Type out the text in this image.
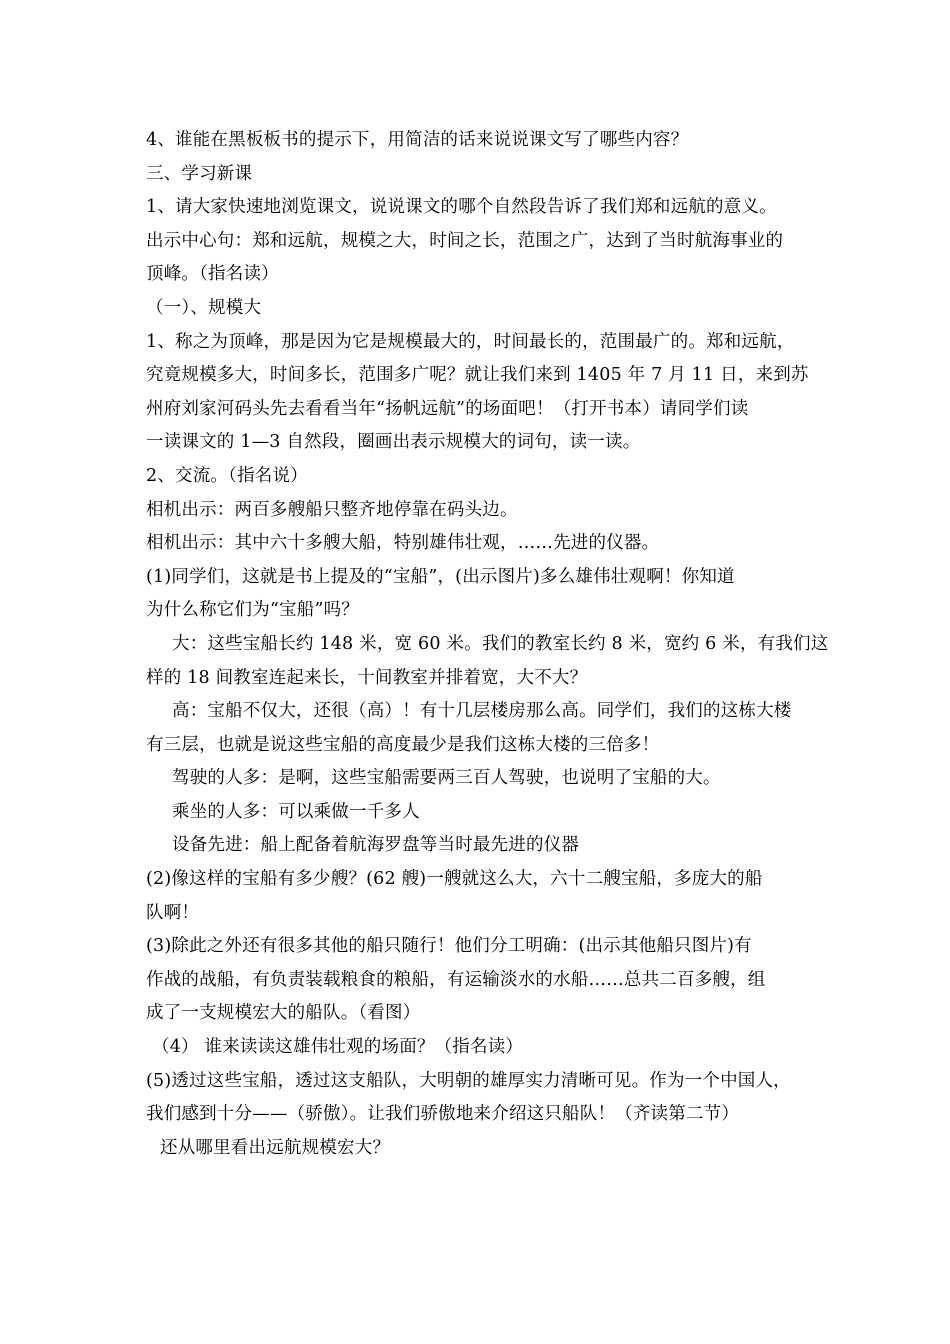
4、谁能在黑板板书的提示下，用简洁的话来说说课文写了哪些内容？
三、学习新课
1、请大家快速地浏览课文，说说课文的哪个自然段告诉了我们郑和远航的意义。
出示中心句：郑和远航，规模之大，时间之长，范围之广，达到了当时航海事业的
顶峰。（指名读）
（一）、规模大
1、称之为顶峰，那是因为它是规模最大的，时间最长的，范围最广的。郑和远航，
究竟规模多大，时间多长，范围多广呢？就让我们来到 1405 年 7 月 11 日，来到苏
州府刘家河码头先去看看当年“扬帆远航”的场面吧！（打开书本）请同学们读
一读课文的 1—3 自然段，圈画出表示规模大的词句，读一读。
2、交流。（指名说）
相机出示：两百多艘船只整齐地停靠在码头边。
相机出示：其中六十多艘大船，特别雄伟壮观，……先进的仪器。
(1)同学们，这就是书上提及的“宝船”，(出示图片)多么雄伟壮观啊！你知道
为什么称它们为“宝船”吗？
大：这些宝船长约 148 米，宽 60 米。我们的教室长约 8 米，宽约 6 米，有我们这
样的 18 间教室连起来长，十间教室并排着宽，大不大？
高：宝船不仅大，还很（高）！有十几层楼房那么高。同学们，我们的这栋大楼
有三层，也就是说这些宝船的高度最少是我们这栋大楼的三倍多！
驾驶的人多：是啊，这些宝船需要两三百人驾驶，也说明了宝船的大。
乘坐的人多：可以乘做一千多人
设备先进：船上配备着航海罗盘等当时最先进的仪器
(2)像这样的宝船有多少艘？(62 艘)一艘就这么大，六十二艘宝船，多庞大的船
队啊！
(3)除此之外还有很多其他的船只随行！他们分工明确：(出示其他船只图片)有
作战的战船，有负责装载粮食的粮船，有运输淡水的水船……总共二百多艘，组
成了一支规模宏大的船队。（看图）
（4） 谁来读读这雄伟壮观的场面？（指名读）
(5)透过这些宝船，透过这支船队，大明朝的雄厚实力清晰可见。作为一个中国人，
我们感到十分——（骄傲）。让我们骄傲地来介绍这只船队！（齐读第二节）
还从哪里看出远航规模宏大？
